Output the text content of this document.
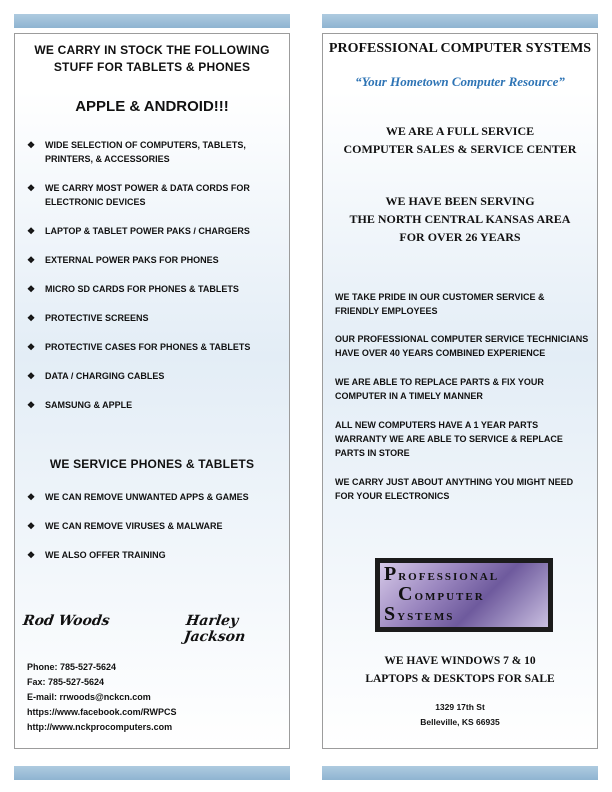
WE CARRY IN STOCK THE FOLLOWING
STUFF FOR TABLETS & PHONES
APPLE & ANDROID!!!
❖ WIDE SELECTION OF COMPUTERS, TABLETS, PRINTERS, & ACCESSORIES
❖ WE CARRY MOST POWER & DATA CORDS FOR ELECTRONIC DEVICES
❖ LAPTOP & TABLET POWER PAKS / CHARGERS
❖ EXTERNAL POWER PAKS FOR PHONES
❖ MICRO SD CARDS FOR PHONES & TABLETS
❖ PROTECTIVE SCREENS
❖ PROTECTIVE CASES FOR PHONES & TABLETS
❖ DATA / CHARGING CABLES
❖ SAMSUNG & APPLE
WE SERVICE PHONES & TABLETS
❖ WE CAN REMOVE UNWANTED APPS & GAMES
❖ WE CAN REMOVE VIRUSES & MALWARE
❖ WE ALSO OFFER TRAINING
Rod Woods	Harley Jackson
Phone: 785-527-5624
Fax: 785-527-5624
E-mail: rrwoods@nckcn.com
https://www.facebook.com/RWPCS
http://www.nckprocomputers.com
PROFESSIONAL COMPUTER SYSTEMS
“Your Hometown Computer Resource”
WE ARE A FULL SERVICE
COMPUTER SALES & SERVICE CENTER
WE HAVE BEEN SERVING
THE NORTH CENTRAL KANSAS AREA
FOR OVER 26 YEARS
WE TAKE PRIDE IN OUR CUSTOMER SERVICE & FRIENDLY EMPLOYEES
OUR PROFESSIONAL COMPUTER SERVICE TECHNICIANS HAVE OVER 40 YEARS COMBINED EXPERIENCE
WE ARE ABLE TO REPLACE PARTS & FIX YOUR COMPUTER IN A TIMELY MANNER
ALL NEW COMPUTERS HAVE A 1 YEAR PARTS WARRANTY WE ARE ABLE TO SERVICE & REPLACE PARTS IN STORE
WE CARRY JUST ABOUT ANYTHING YOU MIGHT NEED FOR YOUR ELECTRONICS
PROFESSIONAL
COMPUTER
SYSTEMS
WE HAVE WINDOWS 7 & 10
LAPTOPS & DESKTOPS FOR SALE
1329 17th St
Belleville, KS 66935
